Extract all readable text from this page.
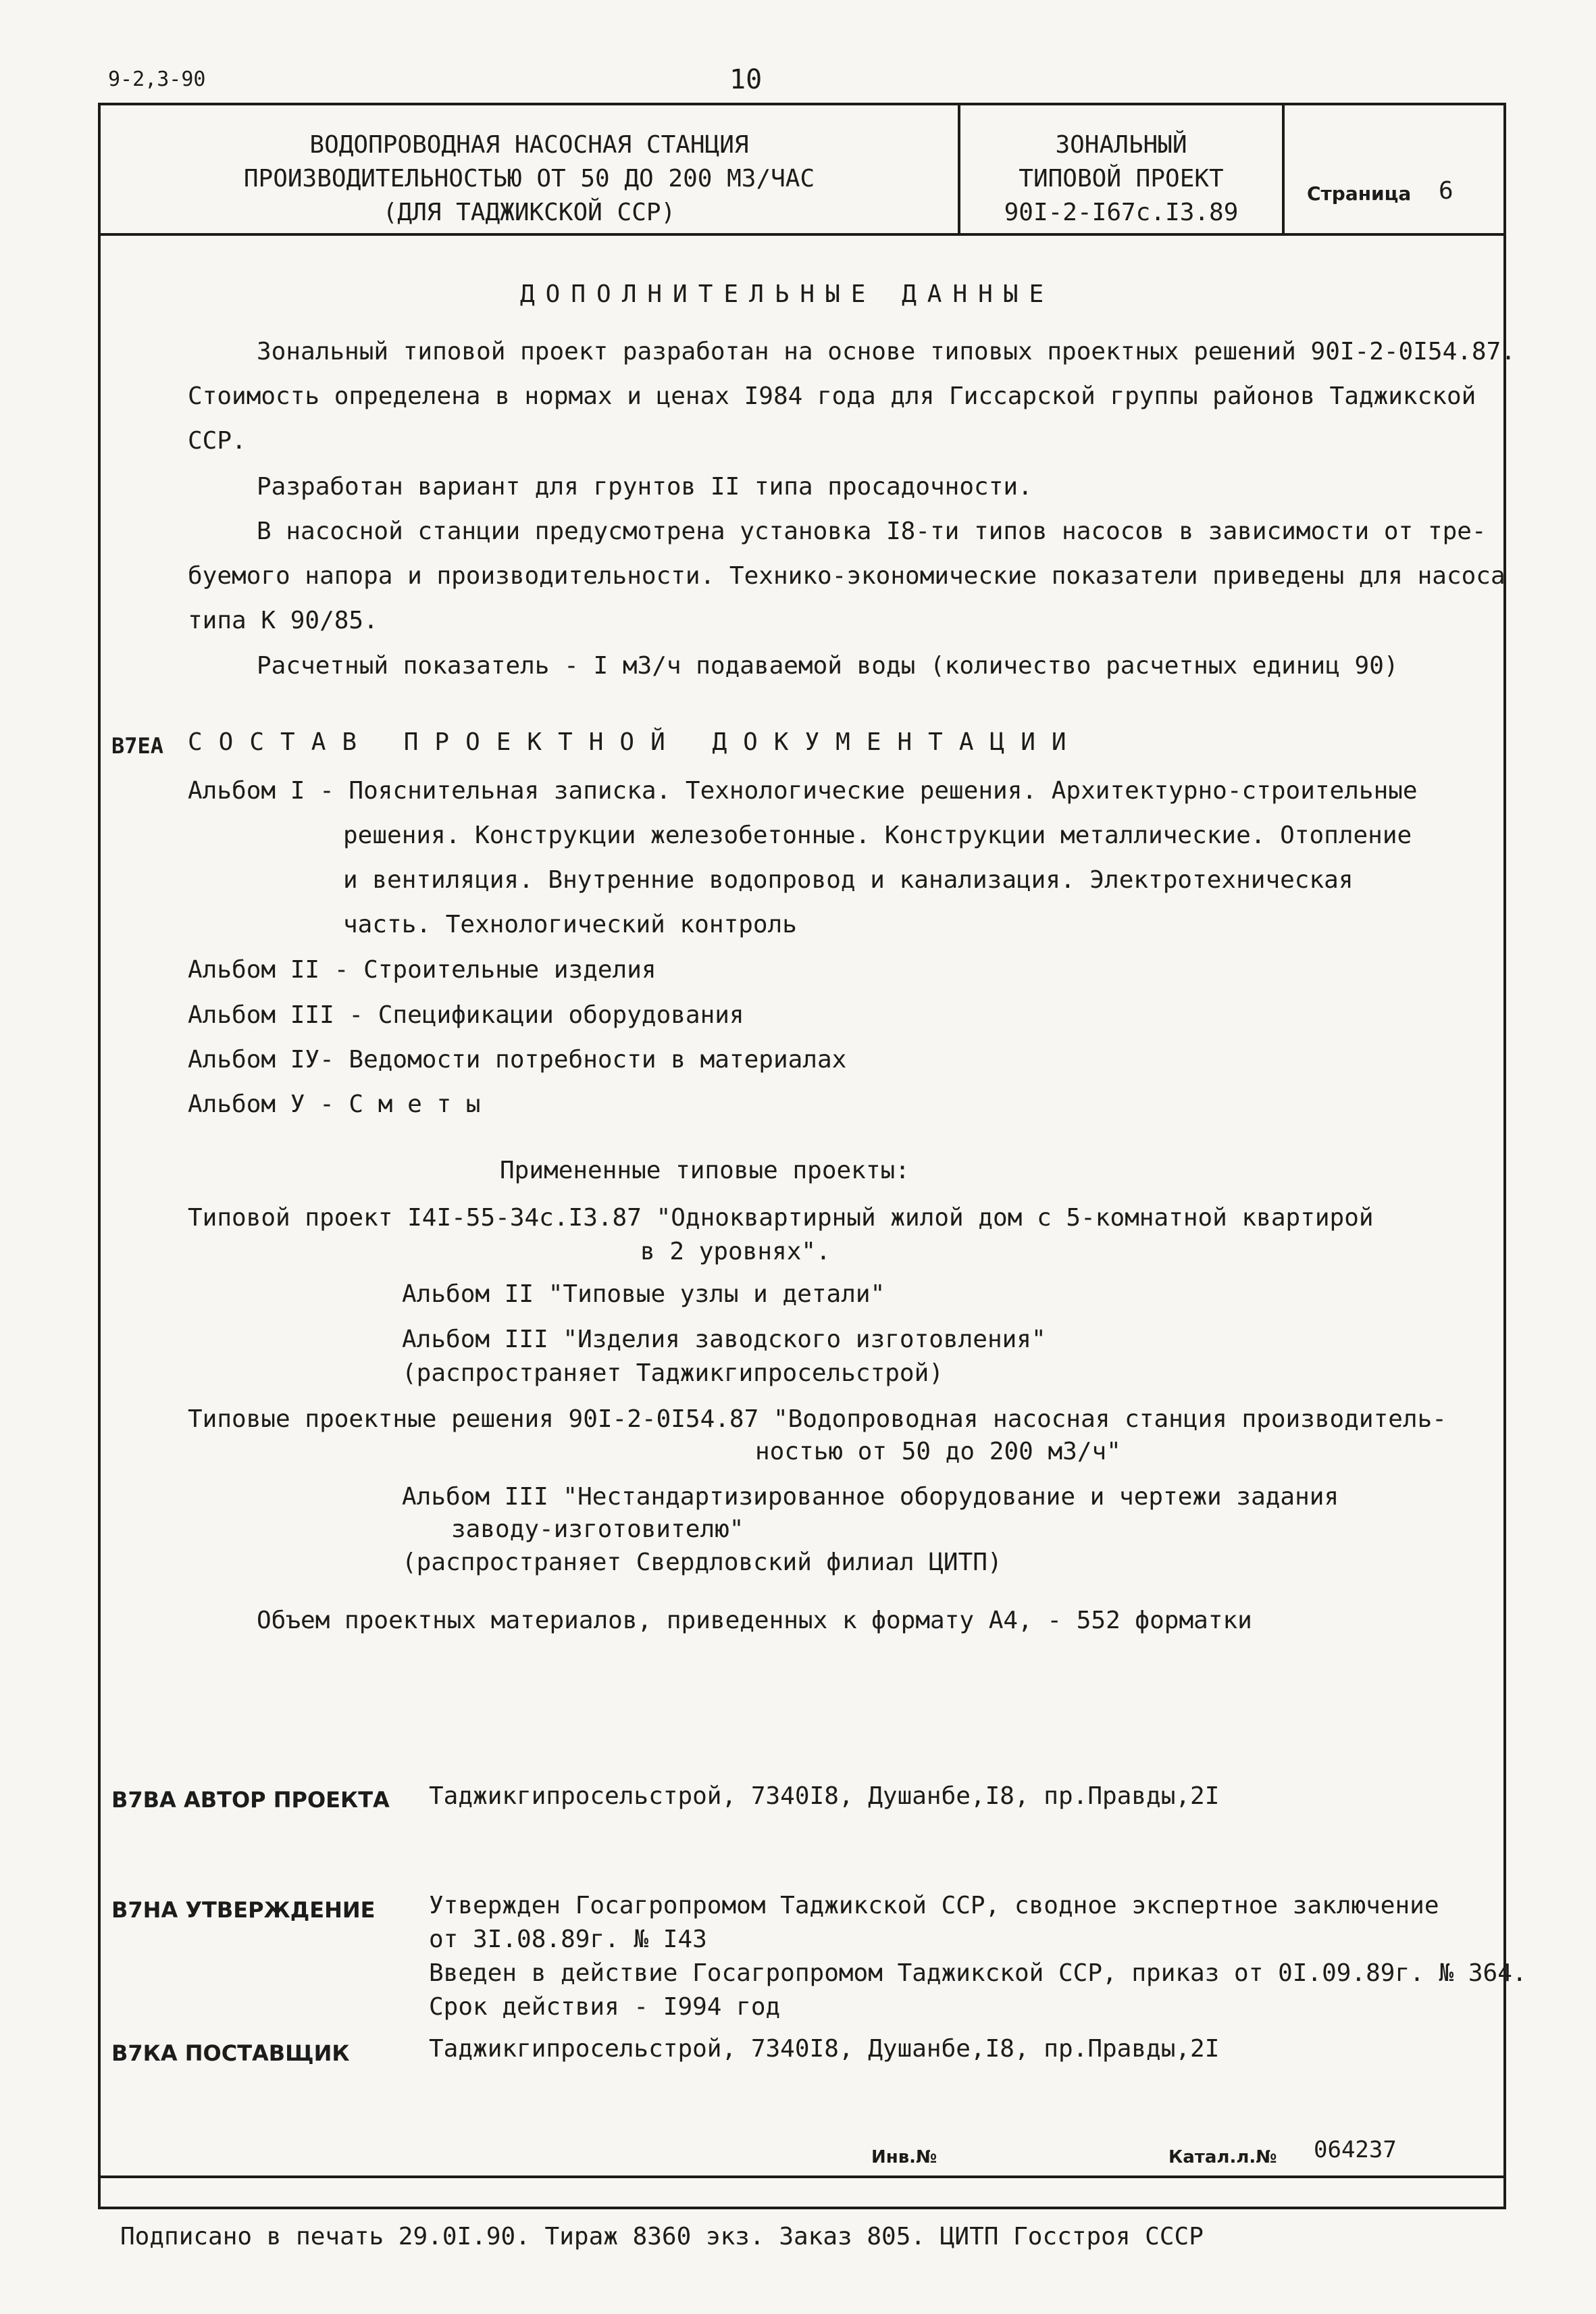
9-2,3-90	10
ВОДОПРОВОДНАЯ НАСОСНАЯ СТАНЦИЯ
ПРОИЗВОДИТЕЛЬНОСТЬЮ ОТ 50 ДО 200 М3/ЧАС
(ДЛЯ ТАДЖИКСКОЙ ССР)
ЗОНАЛЬНЫЙ
ТИПОВОЙ ПРОЕКТ
90I-2-I67с.I3.89
Страница 6
ДОПОЛНИТЕЛЬНЫЕ ДАННЫЕ
Зональный типовой проект разработан на основе типовых проектных решений 90I-2-0I54.87.
Стоимость определена в нормах и ценах I984 года для Гиссарской группы районов Таджикской
ССР.
Разработан вариант для грунтов II типа просадочности.
В насосной станции предусмотрена установка I8-ти типов насосов в зависимости от тре-
буемого напора и производительности. Технико-экономические показатели приведены для насоса
типа К 90/85.
Расчетный показатель - I м3/ч подаваемой воды (количество расчетных единиц 90)
В7ЕА СОСТАВ ПРОЕКТНОЙ ДОКУМЕНТАЦИИ
Альбом I - Пояснительная записка. Технологические решения. Архитектурно-строительные
решения. Конструкции железобетонные. Конструкции металлические. Отопление
и вентиляция. Внутренние водопровод и канализация. Электротехническая
часть. Технологический контроль
Альбом II - Строительные изделия
Альбом III - Спецификации оборудования
Альбом IУ- Ведомости потребности в материалах
Альбом У - С м е т ы
Примененные типовые проекты:
Типовой проект I4I-55-34с.I3.87 "Одноквартирный жилой дом с 5-комнатной квартирой
в 2 уровнях".
Альбом II "Типовые узлы и детали"
Альбом III "Изделия заводского изготовления"
(распространяет Таджикгипросельстрой)
Типовые проектные решения 90I-2-0I54.87 "Водопроводная насосная станция производитель-
ностью от 50 до 200 м3/ч"
Альбом III "Нестандартизированное оборудование и чертежи задания
заводу-изготовителю"
(распространяет Свердловский филиал ЦИТП)
Объем проектных материалов, приведенных к формату А4, - 552 форматки
В7ВА АВТОР ПРОЕКТА Таджикгипросельстрой, 7340I8, Душанбе,I8, пр.Правды,2I
В7НА УТВЕРЖДЕНИЕ Утвержден Госагропромом Таджикской ССР, сводное экспертное заключение
от 3I.08.89г. № I43
Введен в действие Госагропромом Таджикской ССР, приказ от 0I.09.89г. № 364.
Срок действия - I994 год
В7КА ПОСТАВЩИК	Таджикгипросельстрой, 7340I8, Душанбе,I8, пр.Правды,2I
Инв.№	Катал.л.№ 064237
Подписано в печать 29.0I.90. Тираж 8360 экз. Заказ 805. ЦИТП Госстроя СССР
